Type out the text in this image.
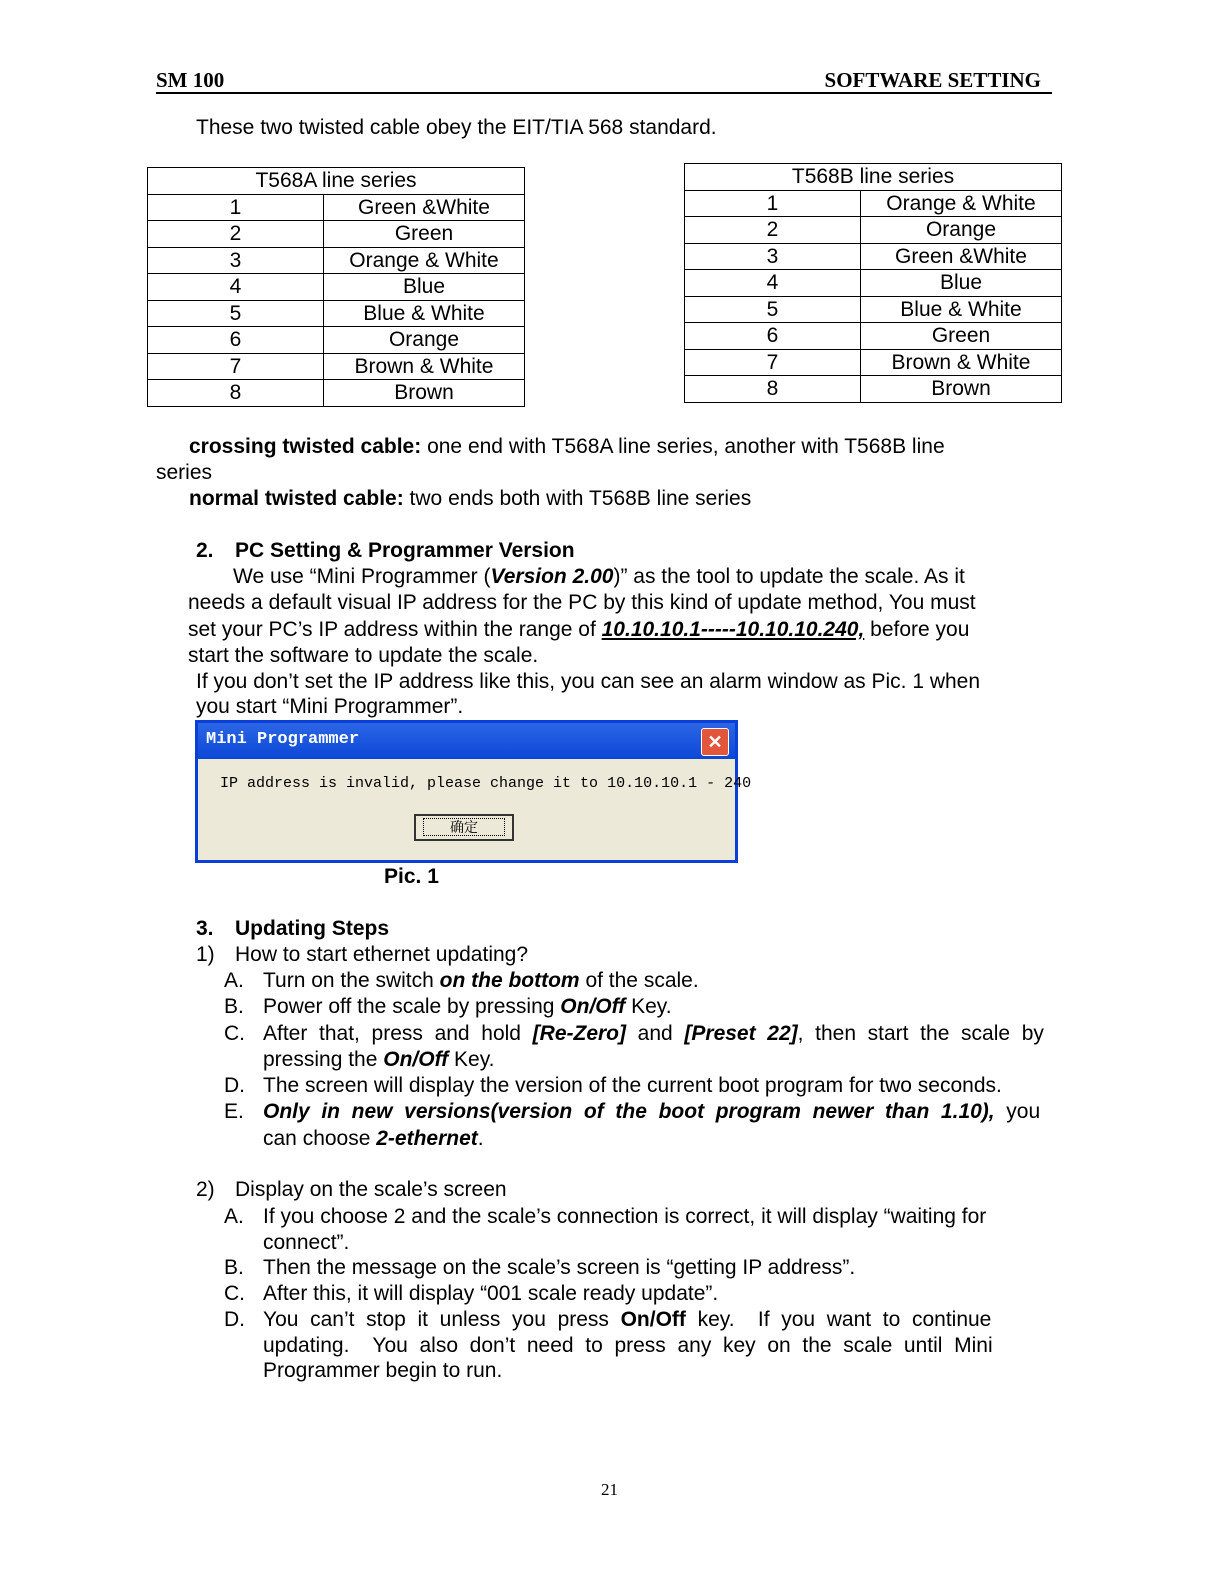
SM 100	SOFTWARE SETTING
These two twisted cable obey the EIT/TIA 568 standard.
T568A line series	
1	Green &White
2	Green
3	Orange & White
4	Blue
5	Blue & White
6	Orange
7	Brown & White
8	Brown
T568B line series	
1	Orange & White
2	Orange
3	Green &White
4	Blue
5	Blue & White
6	Green
7	Brown & White
8	Brown
crossing twisted cable: one end with T568A line series, another with T568B line
series
normal twisted cable: two ends both with T568B line series
2. PC Setting & Programmer Version
We use “Mini Programmer (Version 2.00)” as the tool to update the scale. As it
needs a default visual IP address for the PC by this kind of update method, You must
set your PC’s IP address within the range of 10.10.10.1-----10.10.10.240, before you
start the software to update the scale.
If you don’t set the IP address like this, you can see an alarm window as Pic. 1 when
you start “Mini Programmer”.
Mini Programmer	✕
IP address is invalid, please change it to 10.10.10.1 - 240
确定
Pic. 1
3. Updating Steps
1) How to start ethernet updating?
A. Turn on the switch on the bottom of the scale.
B. Power off the scale by pressing On/Off Key.
C. After  that,  press  and  hold  [Re-Zero]  and  [Preset  22],  then  start  the  scale  by
pressing the On/Off Key.
D. The screen will display the version of the current boot program for two seconds.
E. Only  in  new  versions(version  of  the  boot  program  newer  than  1.10),  you
can choose 2-ethernet.
2) Display on the scale’s screen
A. If you choose 2 and the scale’s connection is correct, it will display “waiting for
connect”.
B. Then the message on the scale’s screen is “getting IP address”.
C. After this, it will display “001 scale ready update”.
D. You  can’t  stop  it  unless  you  press  On/Off  key.    If  you  want  to  continue
updating.    You  also  don’t  need  to  press  any  key  on  the  scale  until  Mini
Programmer begin to run.
21
